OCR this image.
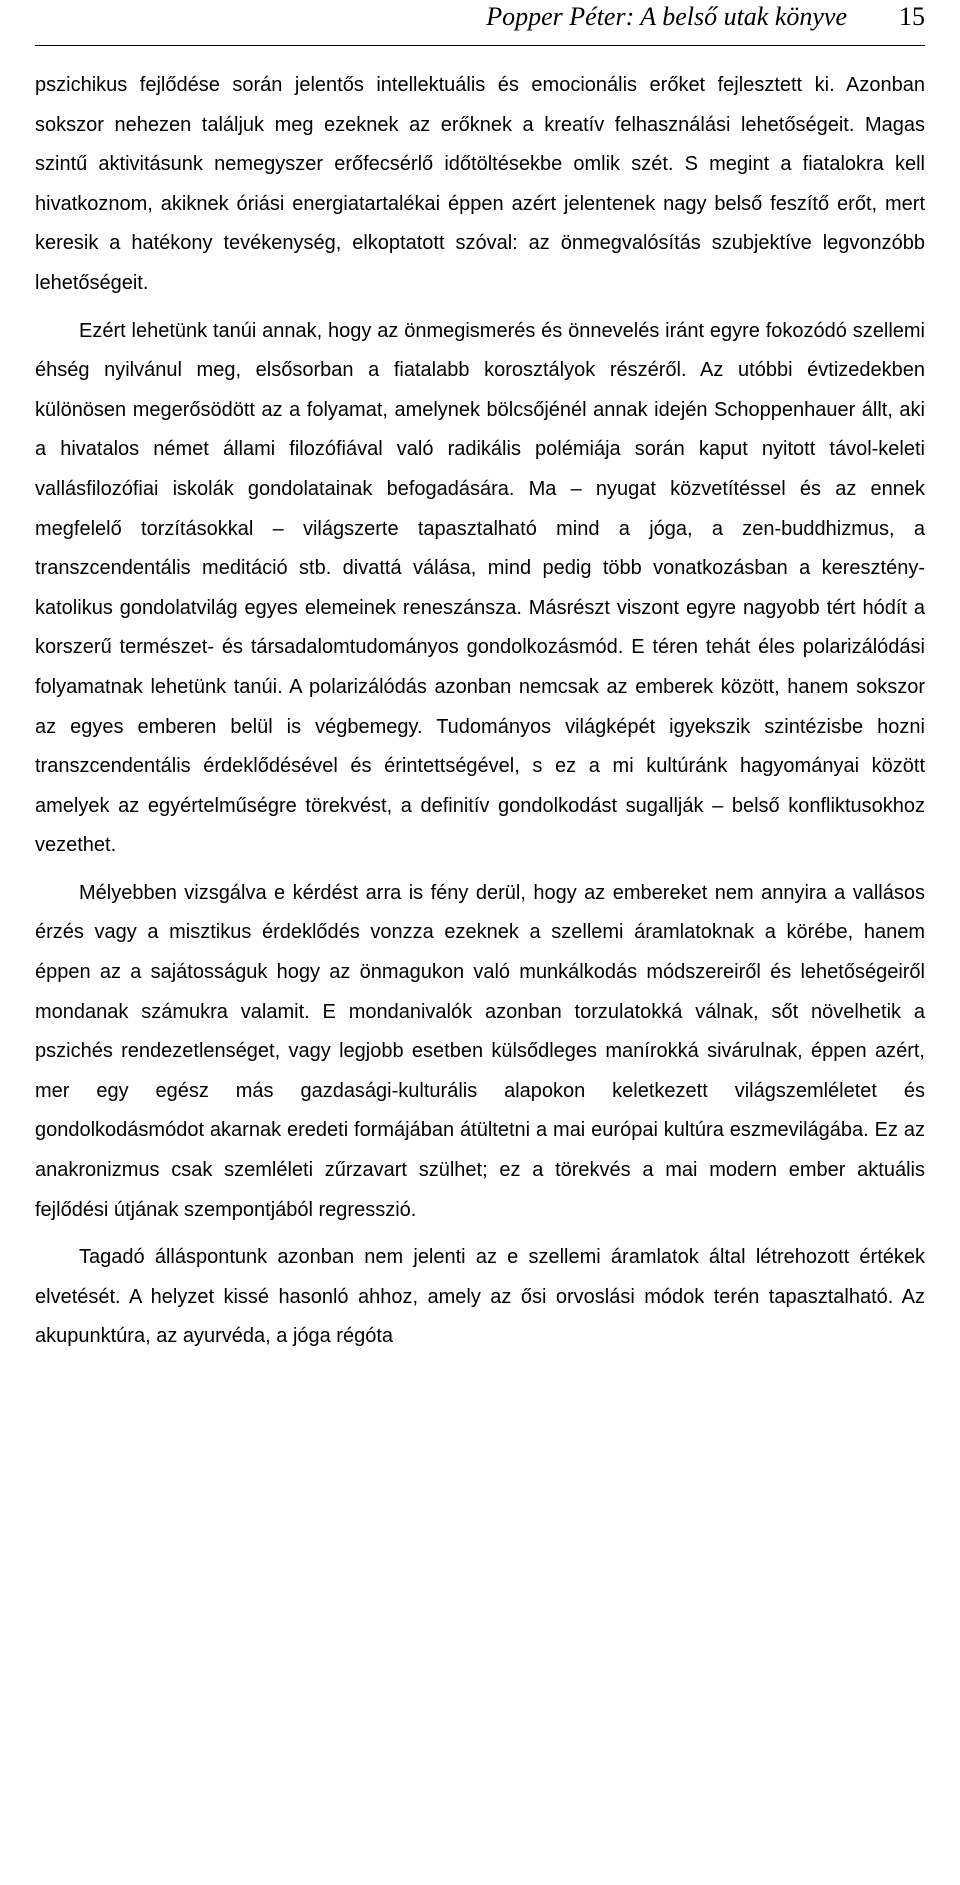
Popper Péter: A belső utak könyve 15

pszichikus fejlődése során jelentős intellektuális és emocionális erőket fejlesztett ki. Azonban sokszor nehezen találjuk meg ezeknek az erőknek a kreatív felhasználási lehetőségeit. Magas szintű aktivitásunk nemegyszer erőfecsérlő időtöltésekbe omlik szét. S megint a fiatalokra kell hivatkoznom, akiknek óriási energiatartalékai éppen azért jelentenek nagy belső feszítő erőt, mert keresik a hatékony tevékenység, elkoptatott szóval: az önmegvalósítás szubjektíve legvonzóbb lehetőségeit.

Ezért lehetünk tanúi annak, hogy az önmegismerés és önnevelés iránt egyre fokozódó szellemi éhség nyilvánul meg, elsősorban a fiatalabb korosztályok részéről. Az utóbbi évtizedekben különösen megerősödött az a folyamat, amelynek bölcsőjénél annak idején Schoppenhauer állt, aki a hivatalos német állami filozófiával való radikális polémiája során kaput nyitott távol-keleti vallásfilozófiai iskolák gondolatainak befogadására. Ma – nyugat közvetítéssel és az ennek megfelelő torzításokkal – világszerte tapasztalható mind a jóga, a zen-buddhizmus, a transzcendentális meditáció stb. divattá válása, mind pedig több vonatkozásban a keresztény-katolikus gondolatvilág egyes elemeinek reneszánsza. Másrészt viszont egyre nagyobb tért hódít a korszerű természet- és társadalomtudományos gondolkozásmód. E téren tehát éles polarizálódási folyamatnak lehetünk tanúi. A polarizálódás azonban nemcsak az emberek között, hanem sokszor az egyes emberen belül is végbemegy. Tudományos világképét igyekszik szintézisbe hozni transzcendentális érdeklődésével és érintettségével, s ez a mi kultúránk hagyományai között amelyek az egyértelműségre törekvést, a definitív gondolkodást sugallják – belső konfliktusokhoz vezethet.

Mélyebben vizsgálva e kérdést arra is fény derül, hogy az embereket nem annyira a vallásos érzés vagy a misztikus érdeklődés vonzza ezeknek a szellemi áramlatoknak a körébe, hanem éppen az a sajátosságuk hogy az önmagukon való munkálkodás módszereiről és lehetőségeiről mondanak számukra valamit. E mondanivalók azonban torzulatokká válnak, sőt növelhetik a pszichés rendezetlenséget, vagy legjobb esetben külsődleges manírokká sivárulnak, éppen azért, mer egy egész más gazdasági-kulturális alapokon keletkezett világszemléletet és gondolkodásmódot akarnak eredeti formájában átültetni a mai európai kultúra eszmevilágába. Ez az anakronizmus csak szemléleti zűrzavart szülhet; ez a törekvés a mai modern ember aktuális fejlődési útjának szempontjából regresszió.

Tagadó álláspontunk azonban nem jelenti az e szellemi áramlatok által létrehozott értékek elvetését. A helyzet kissé hasonló ahhoz, amely az ősi orvoslási módok terén tapasztalható. Az akupunktúra, az ayurvéda, a jóga régóta
